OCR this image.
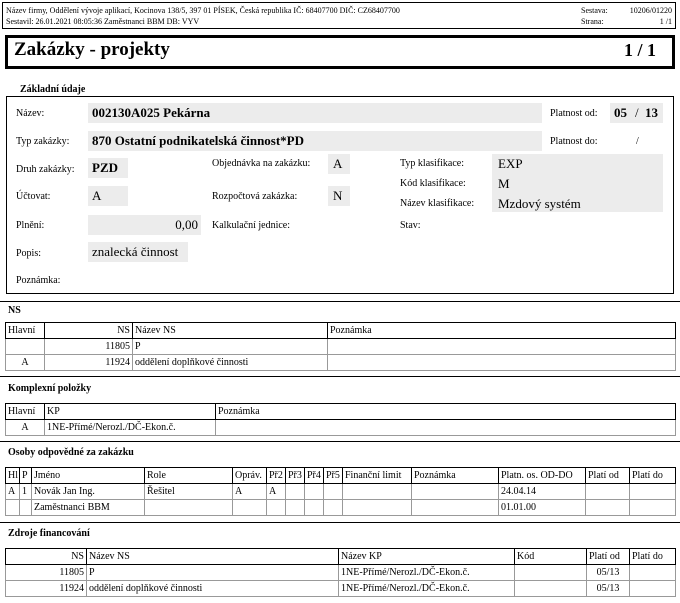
Název firmy, Oddělení vývoje aplikací, Kocinova 138/5, 397 01 PÍSEK, Česká republika IČ: 68407700 DIČ: CZ68407700
Sestavil: 26.01.2021 08:05:36 Zaměstnanci BBM DB: VYV
Sestava:	10206/01220
Strana:	1 /1
Zakázky - projekty	1 / 1
Základní údaje
Název:	002130A025 Pekárna	Platnost od: 05 / 13
Typ zakázky: 870 Ostatní podnikatelská činnost*PD	Platnost do:	/
Druh zakázky: PZD	Objednávka na zakázku: A	Typ klasifikace:	EXP
Účtovat:	A
Kód klasifikace: M
Rozpočtová zakázka:	N
Název klasifikace: Mzdový systém
Plnění:	0,00 Kalkulační jednice:	Stav:
Popis:	znalecká činnost
Poznámka:
NS
Hlavní	NS	Název NS	Poznámka
	11805	P	
A	11924	oddělení doplňkové činnosti	
Komplexní položky
Hlavní	KP	Poznámka
A	1NE-Přímé/Nerozl./DČ-Ekon.č.	
Osoby odpovědné za zakázku
Hl	P	Jméno	Role	Opráv.	Př2	Př3	Př4	Př5	Finanční limit	Poznámka	Platn. os. OD-DO	Platí od	Platí do
A	1	Novák Jan Ing.	Řešitel	A	A						24.04.14		
		Zaměstnanci BBM									01.01.00		
Zdroje financování
NS	Název NS	Název KP	Kód	Platí od	Platí do
11805	P	1NE-Přímé/Nerozl./DČ-Ekon.č.		05/13	
11924	oddělení doplňkové činnosti	1NE-Přímé/Nerozl./DČ-Ekon.č.		05/13	
